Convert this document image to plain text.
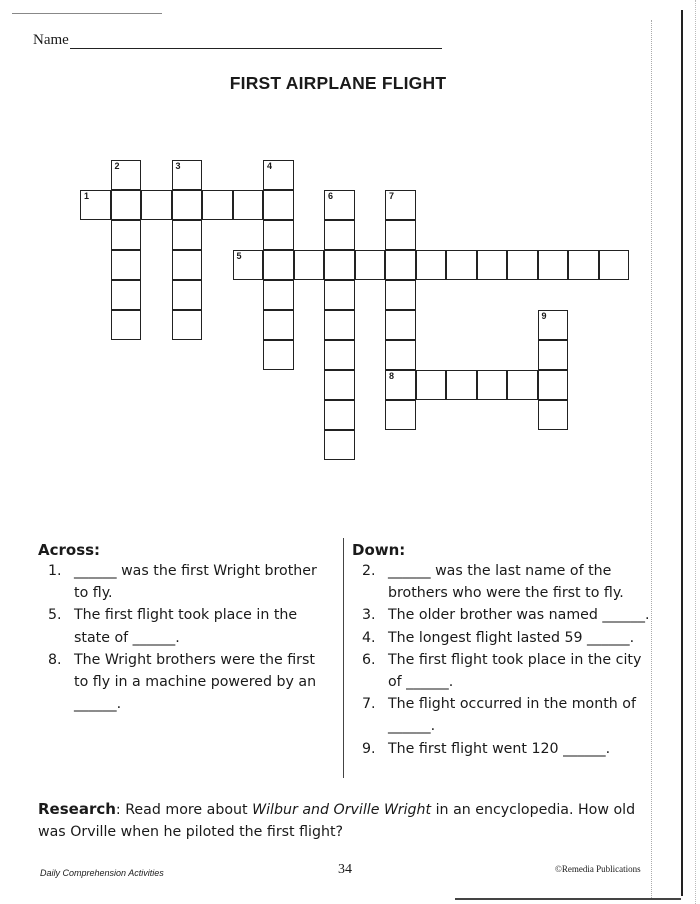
Name
FIRST AIRPLANE FLIGHT
1
2	3	4
5
6	7
8
9
Across:
1. ______ was the first Wright brother to fly.
5. The first flight took place in the state of ______.
8. The Wright brothers were the first to fly in a machine powered by an ______.
Down:
2. ______ was the last name of the brothers who were the first to fly.
3. The older brother was named ______.
4. The longest flight lasted 59 ______.
6. The first flight took place in the city of ______.
7. The flight occurred in the month of ______.
9. The first flight went 120 ______.
Research: Read more about Wilbur and Orville Wright in an encyclopedia. How old was Orville when he piloted the first flight?
Daily Comprehension Activities	34	©Remedia Publications
